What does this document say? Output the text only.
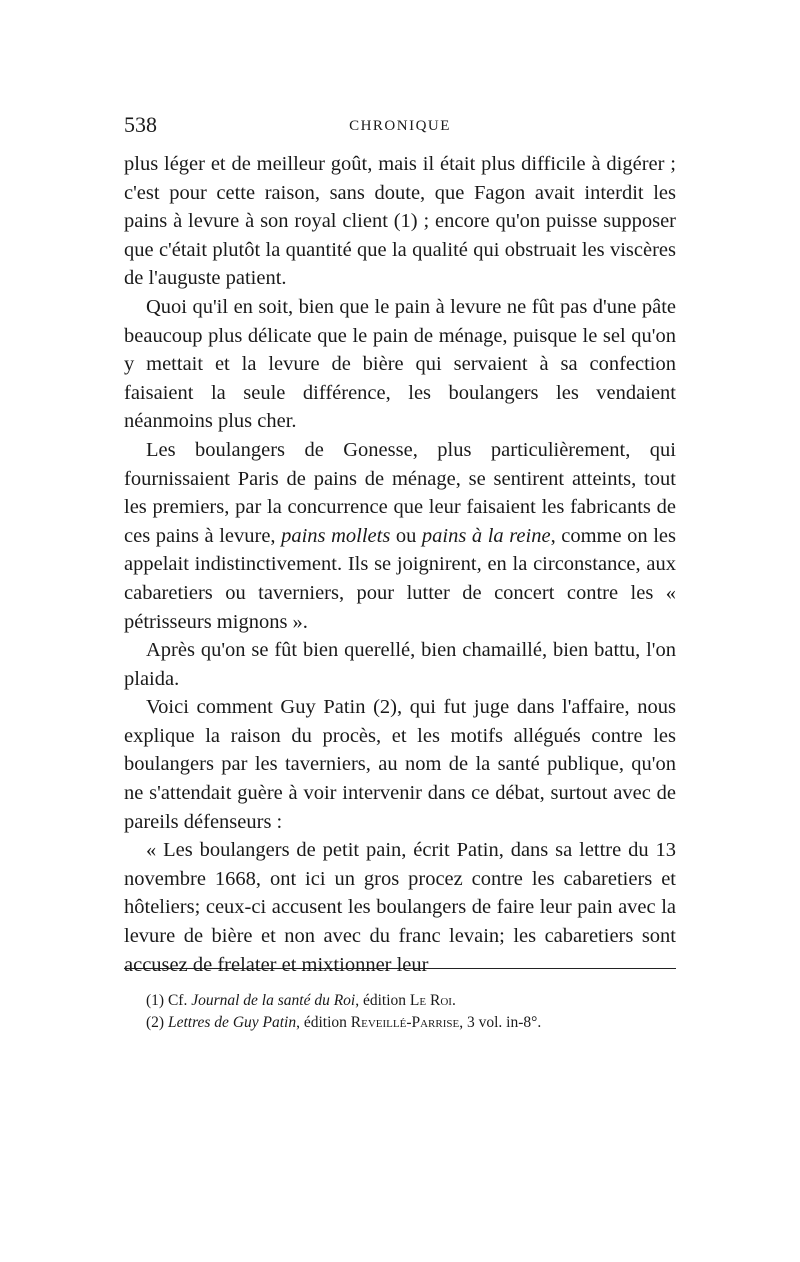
538	CHRONIQUE

plus léger et de meilleur goût, mais il était plus difficile à digérer ; c'est pour cette raison, sans doute, que Fagon avait interdit les pains à levure à son royal client (1) ; encore qu'on puisse supposer que c'était plutôt la quantité que la qualité qui obstruait les viscères de l'auguste patient.

Quoi qu'il en soit, bien que le pain à levure ne fût pas d'une pâte beaucoup plus délicate que le pain de ménage, puisque le sel qu'on y mettait et la levure de bière qui servaient à sa confection faisaient la seule différence, les boulangers les vendaient néanmoins plus cher.

Les boulangers de Gonesse, plus particulièrement, qui fournissaient Paris de pains de ménage, se sentirent atteints, tout les premiers, par la concurrence que leur faisaient les fabricants de ces pains à levure, pains mollets ou pains à la reine, comme on les appelait indistinctivement. Ils se joignirent, en la circonstance, aux cabaretiers ou taverniers, pour lutter de concert contre les « pétrisseurs mignons ».

Après qu'on se fût bien querellé, bien chamaillé, bien battu, l'on plaida.

Voici comment Guy Patin (2), qui fut juge dans l'affaire, nous explique la raison du procès, et les motifs allégués contre les boulangers par les taverniers, au nom de la santé publique, qu'on ne s'attendait guère à voir intervenir dans ce débat, surtout avec de pareils défenseurs :

« Les boulangers de petit pain, écrit Patin, dans sa lettre du 13 novembre 1668, ont ici un gros procez contre les cabaretiers et hôteliers; ceux-ci accusent les boulangers de faire leur pain avec la levure de bière et non avec du franc levain; les cabaretiers sont accusez de frelater et mixtionner leur

(1) Cf. Journal de la santé du Roi, édition Le Roi.
(2) Lettres de Guy Patin, édition Reveillé-Parrise, 3 vol. in-8°.
